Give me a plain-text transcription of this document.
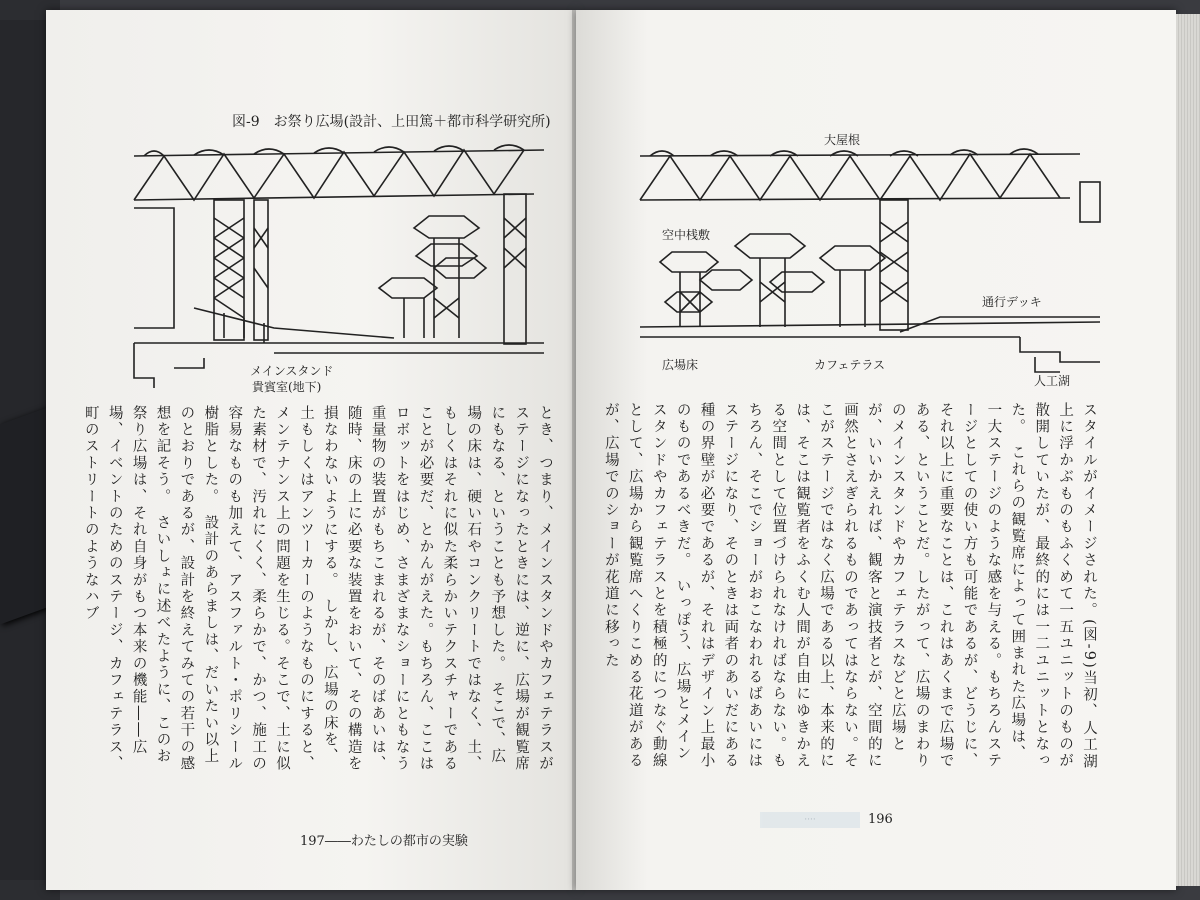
図-9　お祭り広場(設計、上田篤＋都市科学研究所)
メインスタンド
貴賓室(地下)
とき、つまり、メインスタンドやカフェテラスがステージになったときには、逆に、広場が観覧席にもなる、ということも予想した。　そこで、広場の床は、硬い石やコンクリートではなく、土、もしくはそれに似た柔らかいテクスチャーであることが必要だ、とかんがえた。もちろん、ここはロボットをはじめ、さまざまなショーにともなう重量物の装置がもちこまれるが、そのばあいは、随時、床の上に必要な装置をおいて、その構造を損なわないようにする。　しかし、広場の床を、土もしくはアンツーカーのようなものにすると、メンテナンス上の問題を生じる。そこで、土に似た素材で、汚れにくく、柔らかで、かつ、施工の容易なものも加えて、アスファルト・ポリシール樹脂とした。　設計のあらましは、だいたい以上のとおりであるが、設計を終えてみての若干の感想を記そう。　さいしょに述べたように、このお祭り広場は、それ自身がもつ本来の機能――広場、イベントのためのステージ、カフェテラス、町のストリートのようなハブ
197――わたしの都市の実験
大屋根
空中桟敷
通行デッキ
広場床	カフェテラス
人工湖
スタイルがイメージされた。(図-9)当初、人工湖上に浮かぶものもふくめて一五ユニットのものが散開していたが、最終的には一二ユニットとなった。　これらの観覧席によって囲まれた広場は、一大ステージのような感を与える。もちろんステージとしての使い方も可能であるが、どうじに、それ以上に重要なことは、これはあくまで広場である、ということだ。したがって、広場のまわりのメインスタンドやカフェテラスなどと広場とが、いいかえれば、観客と演技者とが、空間的に画然とさえぎられるものであってはならない。そこがステージではなく広場である以上、本来的には、そこは観覧者をふくむ人間が自由にゆきかえる空間として位置づけられなければならない。もちろん、そこでショーがおこなわれるばあいにはステージになり、そのときは両者のあいだにある種の界壁が必要であるが、それはデザイン上最小のものであるべきだ。　いっぽう、広場とメインスタンドやカフェテラスとを積極的につなぐ動線として、広場から観覧席へくりこめる花道があるが、広場でのショーが花道に移った
····	196
